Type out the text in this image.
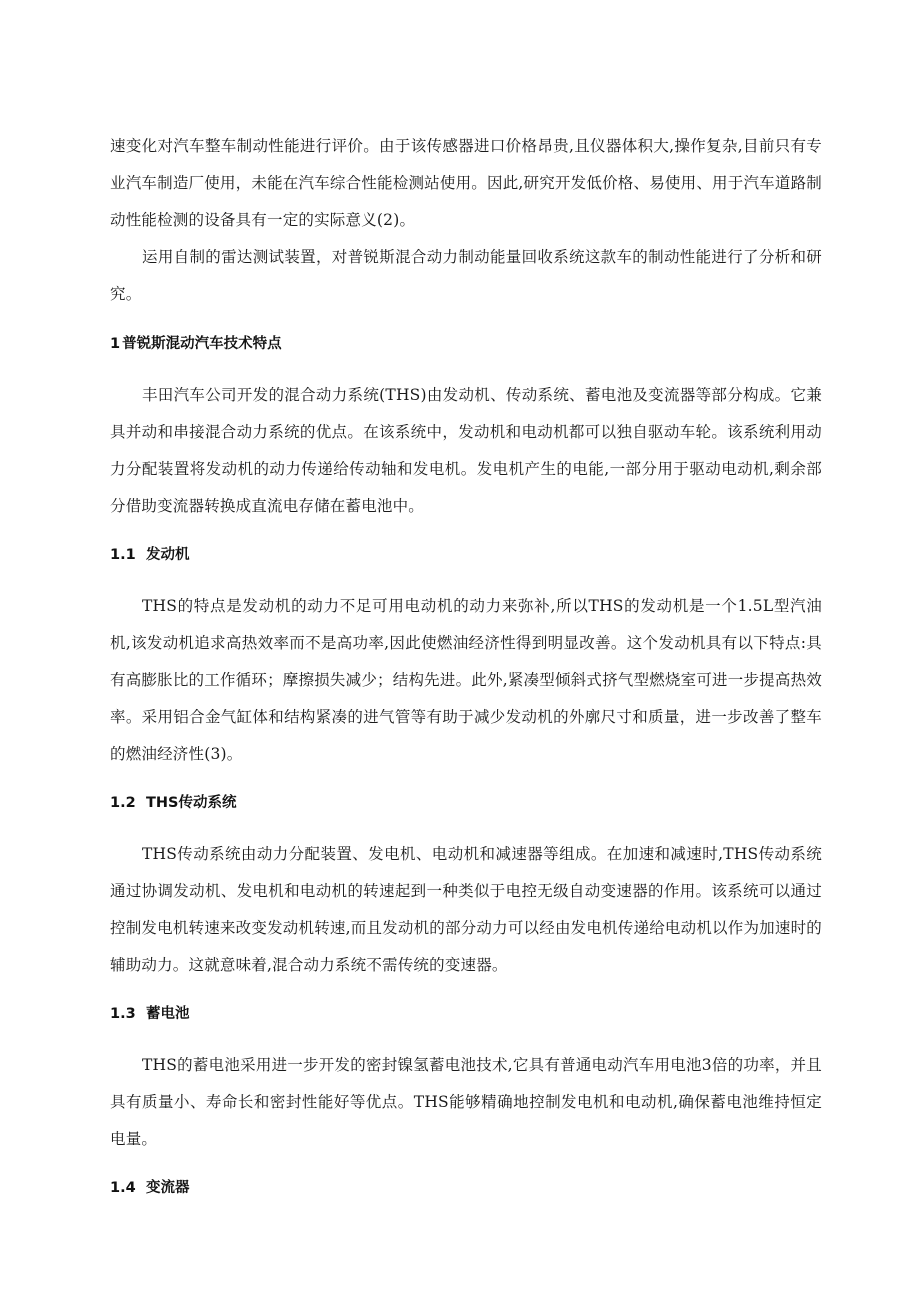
速变化对汽车整车制动性能进行评价。由于该传感器进口价格昂贵,且仪器体积大,操作复杂,目前只有专业汽车制造厂使用，未能在汽车综合性能检测站使用。因此,研究开发低价格、易使用、用于汽车道路制动性能检测的设备具有一定的实际意义(2)。

运用自制的雷达测试装置，对普锐斯混合动力制动能量回收系统这款车的制动性能进行了分析和研究。

1 普锐斯混动汽车技术特点

丰田汽车公司开发的混合动力系统(THS)由发动机、传动系统、蓄电池及变流器等部分构成。它兼具并动和串接混合动力系统的优点。在该系统中，发动机和电动机都可以独自驱动车轮。该系统利用动力分配装置将发动机的动力传递给传动轴和发电机。发电机产生的电能,一部分用于驱动电动机,剩余部分借助变流器转换成直流电存储在蓄电池中。

1.1 发动机

THS的特点是发动机的动力不足可用电动机的动力来弥补,所以THS的发动机是一个1.5L型汽油机,该发动机追求高热效率而不是高功率,因此使燃油经济性得到明显改善。这个发动机具有以下特点:具有高膨胀比的工作循环；摩擦损失减少；结构先进。此外,紧凑型倾斜式挤气型燃烧室可进一步提高热效率。采用铝合金气缸体和结构紧凑的进气管等有助于减少发动机的外廓尺寸和质量，进一步改善了整车的燃油经济性(3)。

1.2 THS传动系统

THS传动系统由动力分配装置、发电机、电动机和减速器等组成。在加速和减速时,THS传动系统通过协调发动机、发电机和电动机的转速起到一种类似于电控无级自动变速器的作用。该系统可以通过控制发电机转速来改变发动机转速,而且发动机的部分动力可以经由发电机传递给电动机以作为加速时的辅助动力。这就意味着,混合动力系统不需传统的变速器。

1.3 蓄电池

THS的蓄电池采用进一步开发的密封镍氢蓄电池技术,它具有普通电动汽车用电池3倍的功率，并且具有质量小、寿命长和密封性能好等优点。THS能够精确地控制发电机和电动机,确保蓄电池维持恒定电量。

1.4 变流器
